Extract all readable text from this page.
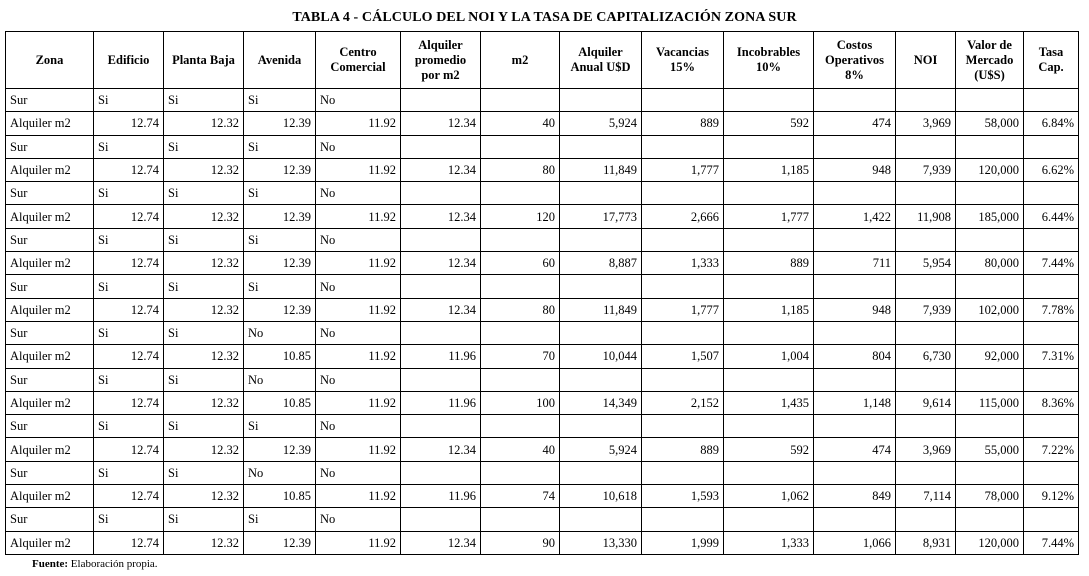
TABLA 4 - CÁLCULO DEL NOI Y LA TASA DE CAPITALIZACIÓN ZONA SUR
Zona	Edificio	Planta Baja	Avenida	Centro Comercial	Alquiler promedio por m2	m2	Alquiler Anual U$D	Vacancias 15%	Incobrables 10%	Costos Operativos 8%	NOI	Valor de Mercado (U$S)	Tasa Cap.
Sur	Si	Si	Si	No									
Alquiler m2	12.74	12.32	12.39	11.92	12.34	40	5,924	889	592	474	3,969	58,000	6.84%
Sur	Si	Si	Si	No									
Alquiler m2	12.74	12.32	12.39	11.92	12.34	80	11,849	1,777	1,185	948	7,939	120,000	6.62%
Sur	Si	Si	Si	No									
Alquiler m2	12.74	12.32	12.39	11.92	12.34	120	17,773	2,666	1,777	1,422	11,908	185,000	6.44%
Sur	Si	Si	Si	No									
Alquiler m2	12.74	12.32	12.39	11.92	12.34	60	8,887	1,333	889	711	5,954	80,000	7.44%
Sur	Si	Si	Si	No									
Alquiler m2	12.74	12.32	12.39	11.92	12.34	80	11,849	1,777	1,185	948	7,939	102,000	7.78%
Sur	Si	Si	No	No									
Alquiler m2	12.74	12.32	10.85	11.92	11.96	70	10,044	1,507	1,004	804	6,730	92,000	7.31%
Sur	Si	Si	No	No									
Alquiler m2	12.74	12.32	10.85	11.92	11.96	100	14,349	2,152	1,435	1,148	9,614	115,000	8.36%
Sur	Si	Si	Si	No									
Alquiler m2	12.74	12.32	12.39	11.92	12.34	40	5,924	889	592	474	3,969	55,000	7.22%
Sur	Si	Si	No	No									
Alquiler m2	12.74	12.32	10.85	11.92	11.96	74	10,618	1,593	1,062	849	7,114	78,000	9.12%
Sur	Si	Si	Si	No									
Alquiler m2	12.74	12.32	12.39	11.92	12.34	90	13,330	1,999	1,333	1,066	8,931	120,000	7.44%
Fuente: Elaboración propia.
